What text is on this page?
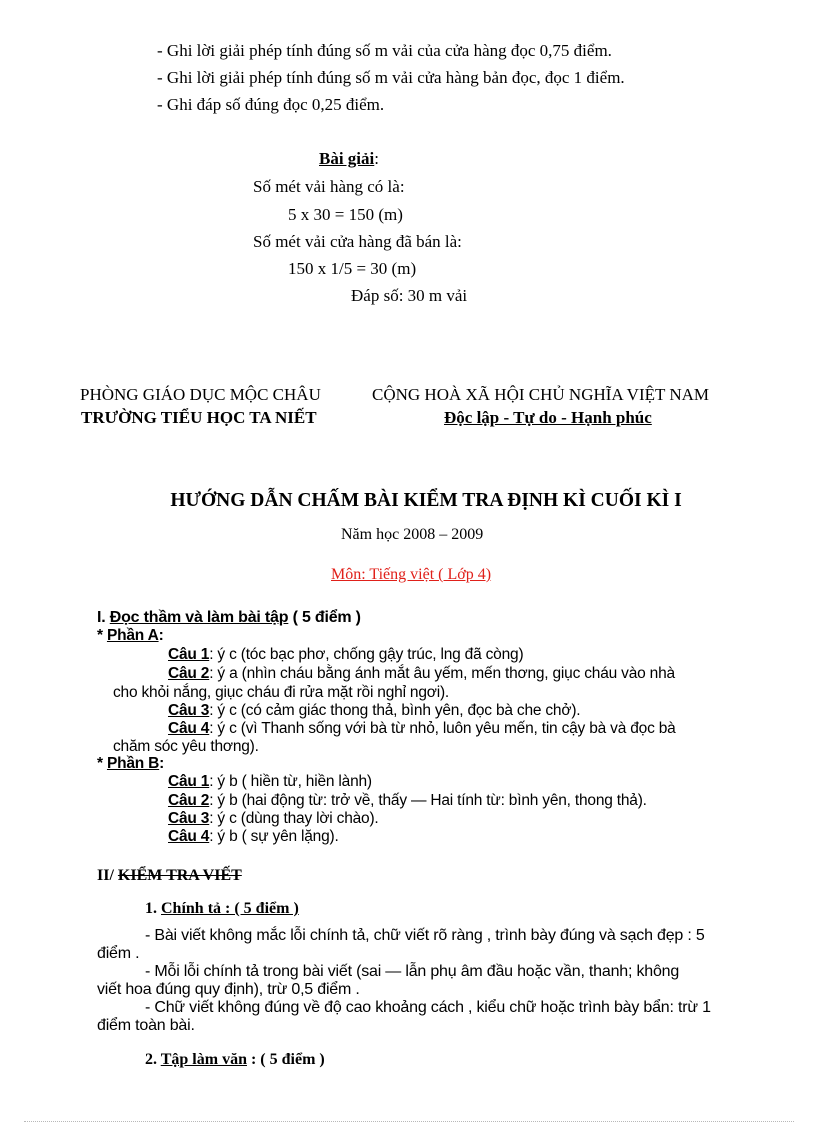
- Ghi lời giải phép tính đúng số m vải của cửa hàng đọc 0,75 điểm.
- Ghi lời giải phép tính đúng số m vải cửa hàng bản đọc, đọc 1 điểm.
- Ghi đáp số đúng đọc 0,25 điểm.
Bài giải:
Số mét vải hàng có là:
5 x 30 = 150 (m)
Số mét vải cửa hàng đã bán là:
150 x 1/5 = 30 (m)
Đáp số: 30 m vải
PHÒNG GIÁO DỤC MỘC CHÂU
TRƯỜNG TIỂU HỌC TA NIẾT
CỘNG HOÀ XÃ HỘI CHỦ NGHĨA VIỆT NAM
Độc lập - Tự do - Hạnh phúc
HƯỚNG DẪN CHẤM BÀI KIỂM TRA ĐỊNH KÌ CUỐI KÌ I
Năm học 2008 – 2009
Môn: Tiếng việt ( Lớp 4)
I. Đọc thầm và làm bài tập ( 5 điểm )
* Phần A:
Câu 1: ý c (tóc bạc phơ, chống gậy trúc, lng đã còng)
Câu 2: ý a (nhìn cháu bằng ánh mắt âu yếm, mến thơng, giục cháu vào nhà
cho khỏi nắng, giục cháu đi rửa mặt rồi nghỉ ngơi).
Câu 3: ý c (có cảm giác thong thả, bình yên, đọc bà che chở).
Câu 4: ý c (vì Thanh sống với bà từ nhỏ, luôn yêu mến, tin cậy bà và đọc bà
chăm sóc yêu thơng).
* Phần B:
Câu 1: ý b ( hiền từ, hiền lành)
Câu 2: ý b (hai động từ: trở về, thấy — Hai tính từ: bình yên, thong thả).
Câu 3: ý c (dùng thay lời chào).
Câu 4: ý b ( sự yên lặng).
II/ KIỂM TRA VIẾT
1. Chính tả : ( 5 điểm )
- Bài viết không mắc lỗi chính tả, chữ viết rõ ràng , trình bày đúng và sạch đẹp : 5
điểm .
- Mỗi lỗi chính tả trong bài viết (sai — lẫn phụ âm đầu hoặc vần, thanh; không
viết hoa đúng quy định), trừ 0,5 điểm .
- Chữ viết không đúng về độ cao khoảng cách , kiểu chữ hoặc trình bày bẩn: trừ 1
điểm toàn bài.
2. Tập làm văn : ( 5 điểm )
